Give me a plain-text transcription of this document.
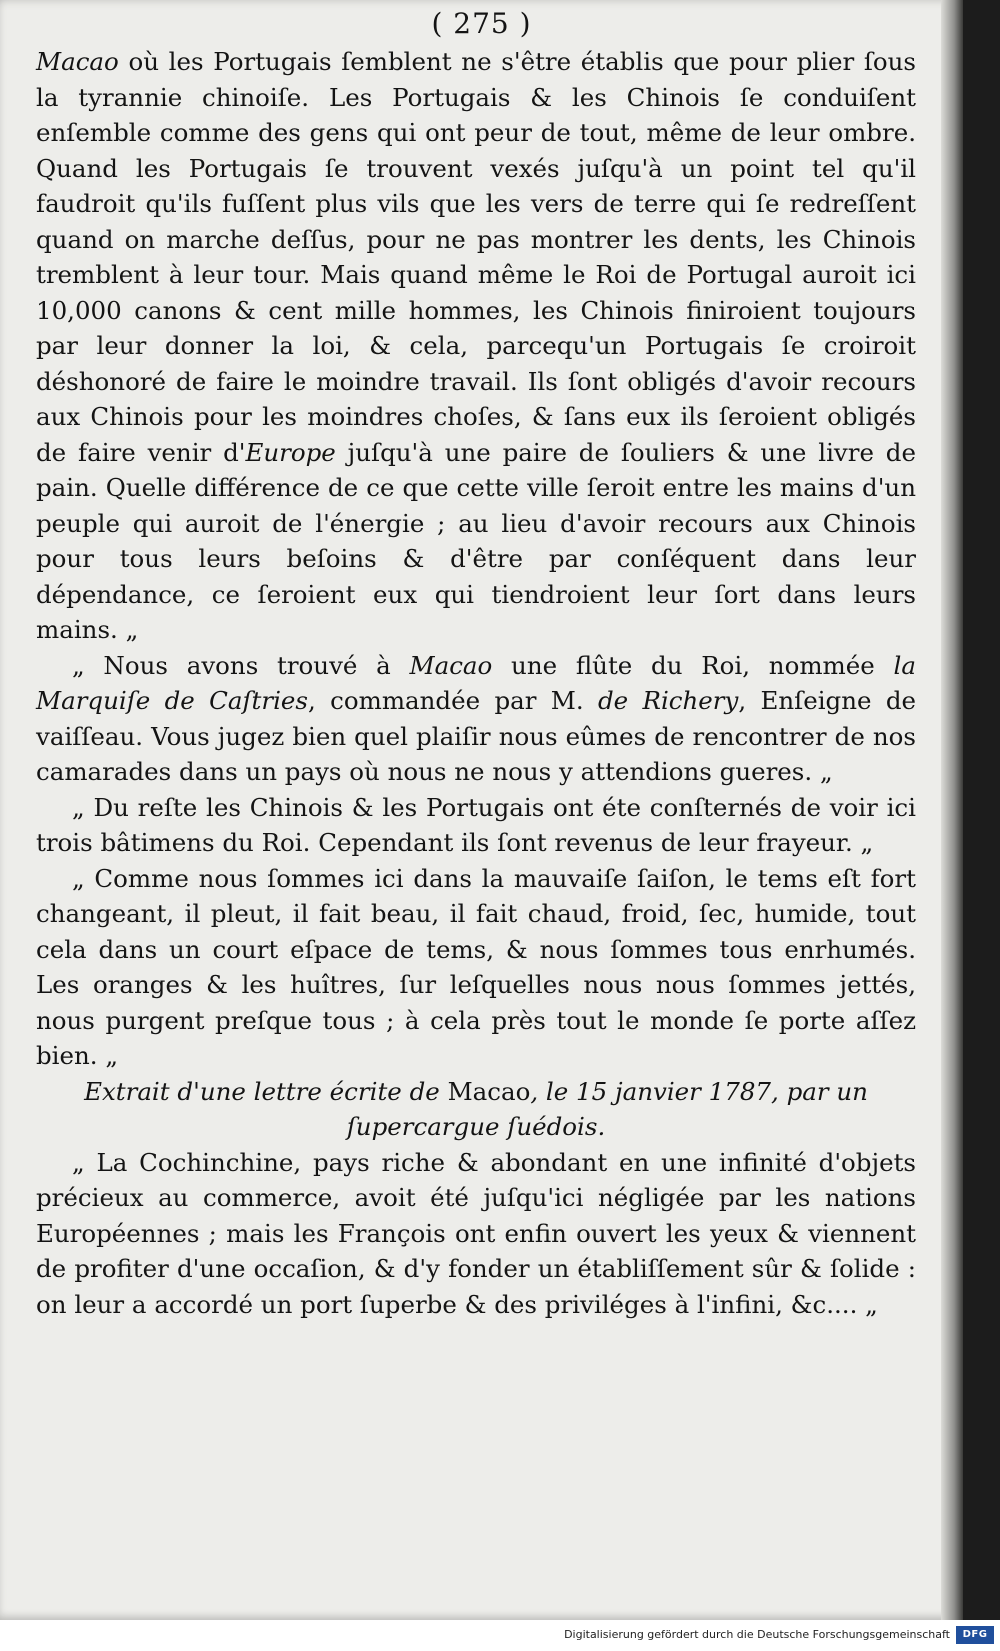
( 275 )

Macao où les Portugais ſemblent ne s'être établis que pour plier ſous la tyrannie chinoiſe. Les Portugais & les Chinois ſe conduiſent enſemble comme des gens qui ont peur de tout, même de leur ombre. Quand les Portugais ſe trouvent vexés juſqu'à un point tel qu'il faudroit qu'ils fuſſent plus vils que les vers de terre qui ſe redreſſent quand on marche deſſus, pour ne pas montrer les dents, les Chinois tremblent à leur tour. Mais quand même le Roi de Portugal auroit ici 10,000 canons & cent mille hommes, les Chinois finiroient toujours par leur donner la loi, & cela, parcequ'un Portugais ſe croiroit déshonoré de faire le moindre travail. Ils ſont obligés d'avoir recours aux Chinois pour les moindres choſes, & ſans eux ils ſeroient obligés de faire venir d'Europe juſqu'à une paire de ſouliers & une livre de pain. Quelle différence de ce que cette ville ſeroit entre les mains d'un peuple qui auroit de l'énergie ; au lieu d'avoir recours aux Chinois pour tous leurs beſoins & d'être par conſéquent dans leur dépendance, ce ſeroient eux qui tiendroient leur ſort dans leurs mains. „

„ Nous avons trouvé à Macao une flûte du Roi, nommée la Marquiſe de Caſtries, commandée par M. de Richery, Enſeigne de vaiſſeau. Vous jugez bien quel plaiſir nous eûmes de rencontrer de nos camarades dans un pays où nous ne nous y attendions gueres. „

„ Du reſte les Chinois & les Portugais ont éte conſternés de voir ici trois bâtimens du Roi. Cependant ils ſont revenus de leur frayeur. „

„ Comme nous ſommes ici dans la mauvaiſe ſaiſon, le tems eſt fort changeant, il pleut, il fait beau, il fait chaud, froid, ſec, humide, tout cela dans un court eſpace de tems, & nous ſommes tous enrhumés. Les oranges & les huîtres, ſur leſquelles nous nous ſommes jettés, nous purgent preſque tous ; à cela près tout le monde ſe porte aſſez bien. „

Extrait d'une lettre écrite de Macao, le 15 janvier 1787, par un ſupercargue ſuédois.

„ La Cochinchine, pays riche & abondant en une infinité d'objets précieux au commerce, avoit été juſqu'ici négligée par les nations Européennes ; mais les François ont enfin ouvert les yeux & viennent de profiter d'une occaſion, & d'y fonder un établiſſement sûr & ſolide : on leur a accordé un port ſuperbe & des priviléges à l'infini, &c.... „

Digitalisierung gefördert durch die Deutsche Forschungsgemeinschaft	DFG
